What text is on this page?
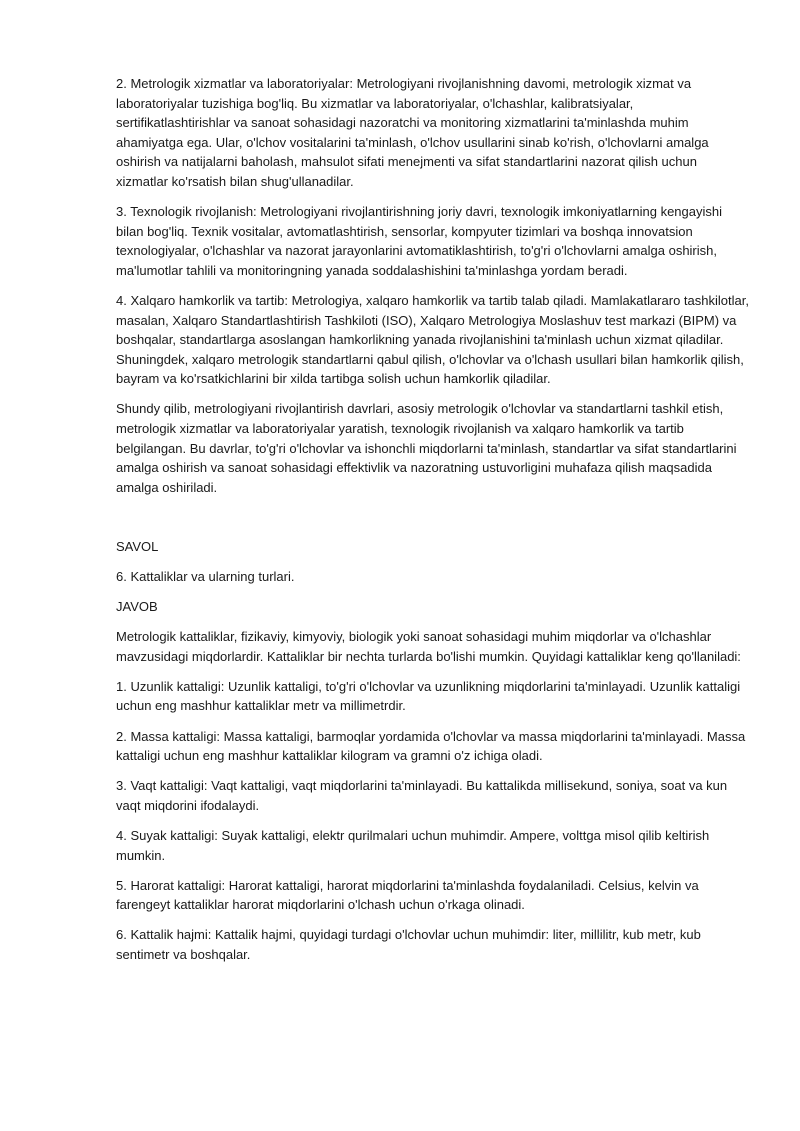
2. Metrologik xizmatlar va laboratoriyalar: Metrologiyani rivojlanishning davomi, metrologik xizmat va laboratoriyalar tuzishiga bog'liq. Bu xizmatlar va laboratoriyalar, o'lchashlar, kalibratsiyalar, sertifikatlashtirishlar va sanoat sohasidagi nazoratchi va monitoring xizmatlarini ta'minlashda muhim ahamiyatga ega. Ular, o'lchov vositalarini ta'minlash, o'lchov usullarini sinab ko'rish, o'lchovlarni amalga oshirish va natijalarni baholash, mahsulot sifati menejmenti va sifat standartlarini nazorat qilish uchun xizmatlar ko'rsatish bilan shug'ullanadilar.

3. Texnologik rivojlanish: Metrologiyani rivojlantirishning joriy davri, texnologik imkoniyatlarning kengayishi bilan bog'liq. Texnik vositalar, avtomatlashtirish, sensorlar, kompyuter tizimlari va boshqa innovatsion texnologiyalar, o'lchashlar va nazorat jarayonlarini avtomatiklashtirish, to'g'ri o'lchovlarni amalga oshirish, ma'lumotlar tahlili va monitoringning yanada soddalashishini ta'minlashga yordam beradi.

4. Xalqaro hamkorlik va tartib: Metrologiya, xalqaro hamkorlik va tartib talab qiladi. Mamlakatlararo tashkilotlar, masalan, Xalqaro Standartlashtirish Tashkiloti (ISO), Xalqaro Metrologiya Moslashuv test markazi (BIPM) va boshqalar, standartlarga asoslangan hamkorlikning yanada rivojlanishini ta'minlash uchun xizmat qiladilar. Shuningdek, xalqaro metrologik standartlarni qabul qilish, o'lchovlar va o'lchash usullari bilan hamkorlik qilish, bayram va ko'rsatkichlarini bir xilda tartibga solish uchun hamkorlik qiladilar.

Shundy qilib, metrologiyani rivojlantirish davrlari, asosiy metrologik o'lchovlar va standartlarni tashkil etish, metrologik xizmatlar va laboratoriyalar yaratish, texnologik rivojlanish va xalqaro hamkorlik va tartib belgilangan. Bu davrlar, to'g'ri o'lchovlar va ishonchli miqdorlarni ta'minlash, standartlar va sifat standartlarini amalga oshirish va sanoat sohasidagi effektivlik va nazoratning ustuvorligini muhafaza qilish maqsadida amalga oshiriladi.

SAVOL

6. Kattaliklar va ularning turlari.

JAVOB

Metrologik kattaliklar, fizikaviy, kimyoviy, biologik yoki sanoat sohasidagi muhim miqdorlar va o'lchashlar mavzusidagi miqdorlardir. Kattaliklar bir nechta turlarda bo'lishi mumkin. Quyidagi kattaliklar keng qo'llaniladi:

1. Uzunlik kattaligi: Uzunlik kattaligi, to'g'ri o'lchovlar va uzunlikning miqdorlarini ta'minlayadi. Uzunlik kattaligi uchun eng mashhur kattaliklar metr va millimetrdir.

2. Massa kattaligi: Massa kattaligi, barmoqlar yordamida o'lchovlar va massa miqdorlarini ta'minlayadi. Massa kattaligi uchun eng mashhur kattaliklar kilogram va gramni o'z ichiga oladi.

3. Vaqt kattaligi: Vaqt kattaligi, vaqt miqdorlarini ta'minlayadi. Bu kattalikda millisekund, soniya, soat va kun vaqt miqdorini ifodalaydi.

4. Suyak kattaligi: Suyak kattaligi, elektr qurilmalari uchun muhimdir. Ampere, volttga misol qilib keltirish mumkin.

5. Harorat kattaligi: Harorat kattaligi, harorat miqdorlarini ta'minlashda foydalaniladi. Celsius, kelvin va farengeyt kattaliklar harorat miqdorlarini o'lchash uchun o'rkaga olinadi.

6. Kattalik hajmi: Kattalik hajmi, quyidagi turdagi o'lchovlar uchun muhimdir: liter, millilitr, kub metr, kub sentimetr va boshqalar.
